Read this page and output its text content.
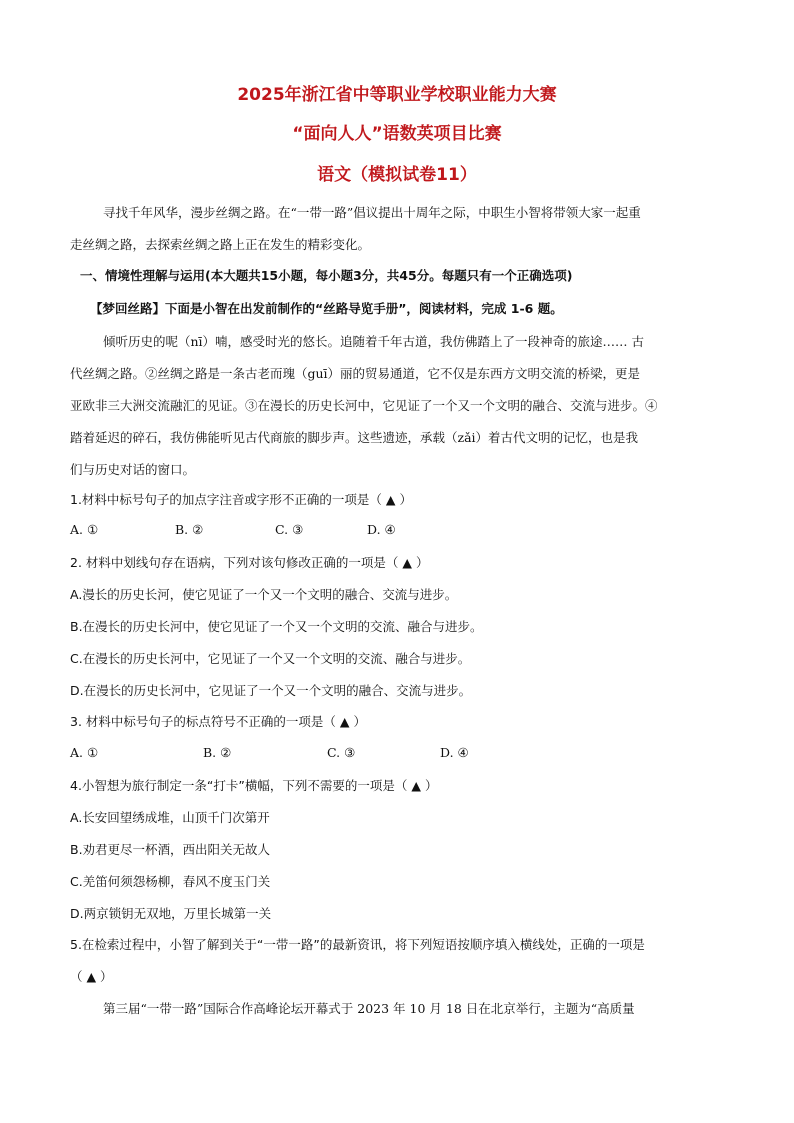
2025年浙江省中等职业学校职业能力大赛
“面向人人”语数英项目比赛
语文（模拟试卷11）
寻找千年风华，漫步丝绸之路。在“一带一路”倡议提出十周年之际，中职生小智将带领大家一起重
走丝绸之路，去探索丝绸之路上正在发生的精彩变化。
一、情境性理解与运用(本大题共15小题，每小题3分，共45分。每题只有一个正确选项)
【梦回丝路】下面是小智在出发前制作的“丝路导览手册”，阅读材料，完成 1-6 题。
倾听历史的呢（nī）喃，感受时光的悠长。追随着千年古道，我仿佛踏上了一段神奇的旅途…… 古
代丝绸之路。②丝绸之路是一条古老而瑰（guī）丽的贸易通道，它不仅是东西方文明交流的桥梁，更是
亚欧非三大洲交流融汇的见证。③在漫长的历史长河中，它见证了一个又一个文明的融合、交流与进步。④
踏着延迟的碎石，我仿佛能听见古代商旅的脚步声。这些遗迹，承载（zǎi）着古代文明的记忆，也是我
们与历史对话的窗口。
1.材料中标号句子的加点字注音或字形不正确的一项是（ ▲ ）
A. ①	B. ②	C. ③	D. ④
2. 材料中划线句存在语病，下列对该句修改正确的一项是（ ▲ ）
A.漫长的历史长河，使它见证了一个又一个文明的融合、交流与进步。
B.在漫长的历史长河中，使它见证了一个又一个文明的交流、融合与进步。
C.在漫长的历史长河中，它见证了一个又一个文明的交流、融合与进步。
D.在漫长的历史长河中，它见证了一个又一个文明的融合、交流与进步。
3. 材料中标号句子的标点符号不正确的一项是（ ▲ ）
A. ①	B. ②	C. ③	D. ④
4.小智想为旅行制定一条“打卡”横幅，下列不需要的一项是（ ▲ ）
A.长安回望绣成堆，山顶千门次第开
B.劝君更尽一杯酒，西出阳关无故人
C.羌笛何须怨杨柳，春风不度玉门关
D.两京锁钥无双地，万里长城第一关
5.在检索过程中，小智了解到关于“一带一路”的最新资讯，将下列短语按顺序填入横线处，正确的一项是
（ ▲ ）
第三届“一带一路”国际合作高峰论坛开幕式于 2023 年 10 月 18 日在北京举行，主题为“高质量
